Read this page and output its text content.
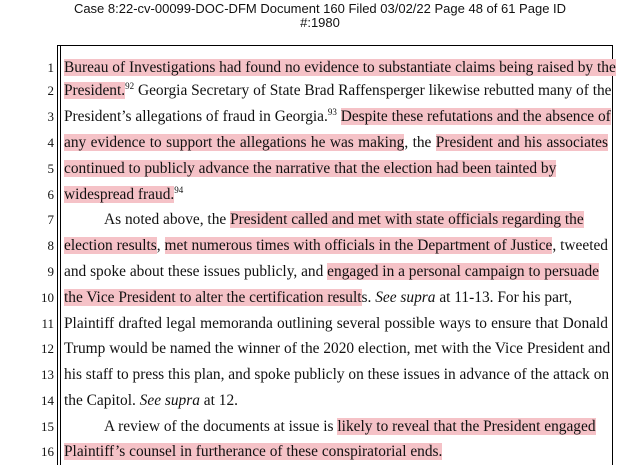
Case 8:22-cv-00099-DOC-DFM Document 160 Filed 03/02/22 Page 48 of 61 Page ID
#:1980
1
2
3
4
5
6
7
8
9
10
11
12
13
14
15
16
Bureau of Investigations had found no evidence to substantiate claims being raised by the
President.$^{92}$ Georgia Secretary of State Brad Raffensperger likewise rebutted many of the
President’s allegations of fraud in Georgia.$^{93}$ Despite these refutations and the absence of
any evidence to support the allegations he was making, the President and his associates
continued to publicly advance the narrative that the election had been tainted by
widespread fraud.$^{94}$
As noted above, the President called and met with state officials regarding the
election results, met numerous times with officials in the Department of Justice, tweeted
and spoke about these issues publicly, and engaged in a personal campaign to persuade
the Vice President to alter the certification results. See supra at 11-13. For his part,
Plaintiff drafted legal memoranda outlining several possible ways to ensure that Donald
Trump would be named the winner of the 2020 election, met with the Vice President and
his staff to press this plan, and spoke publicly on these issues in advance of the attack on
the Capitol. See supra at 12.
A review of the documents at issue is likely to reveal that the President engaged
Plaintiff’s counsel in furtherance of these conspiratorial ends.
